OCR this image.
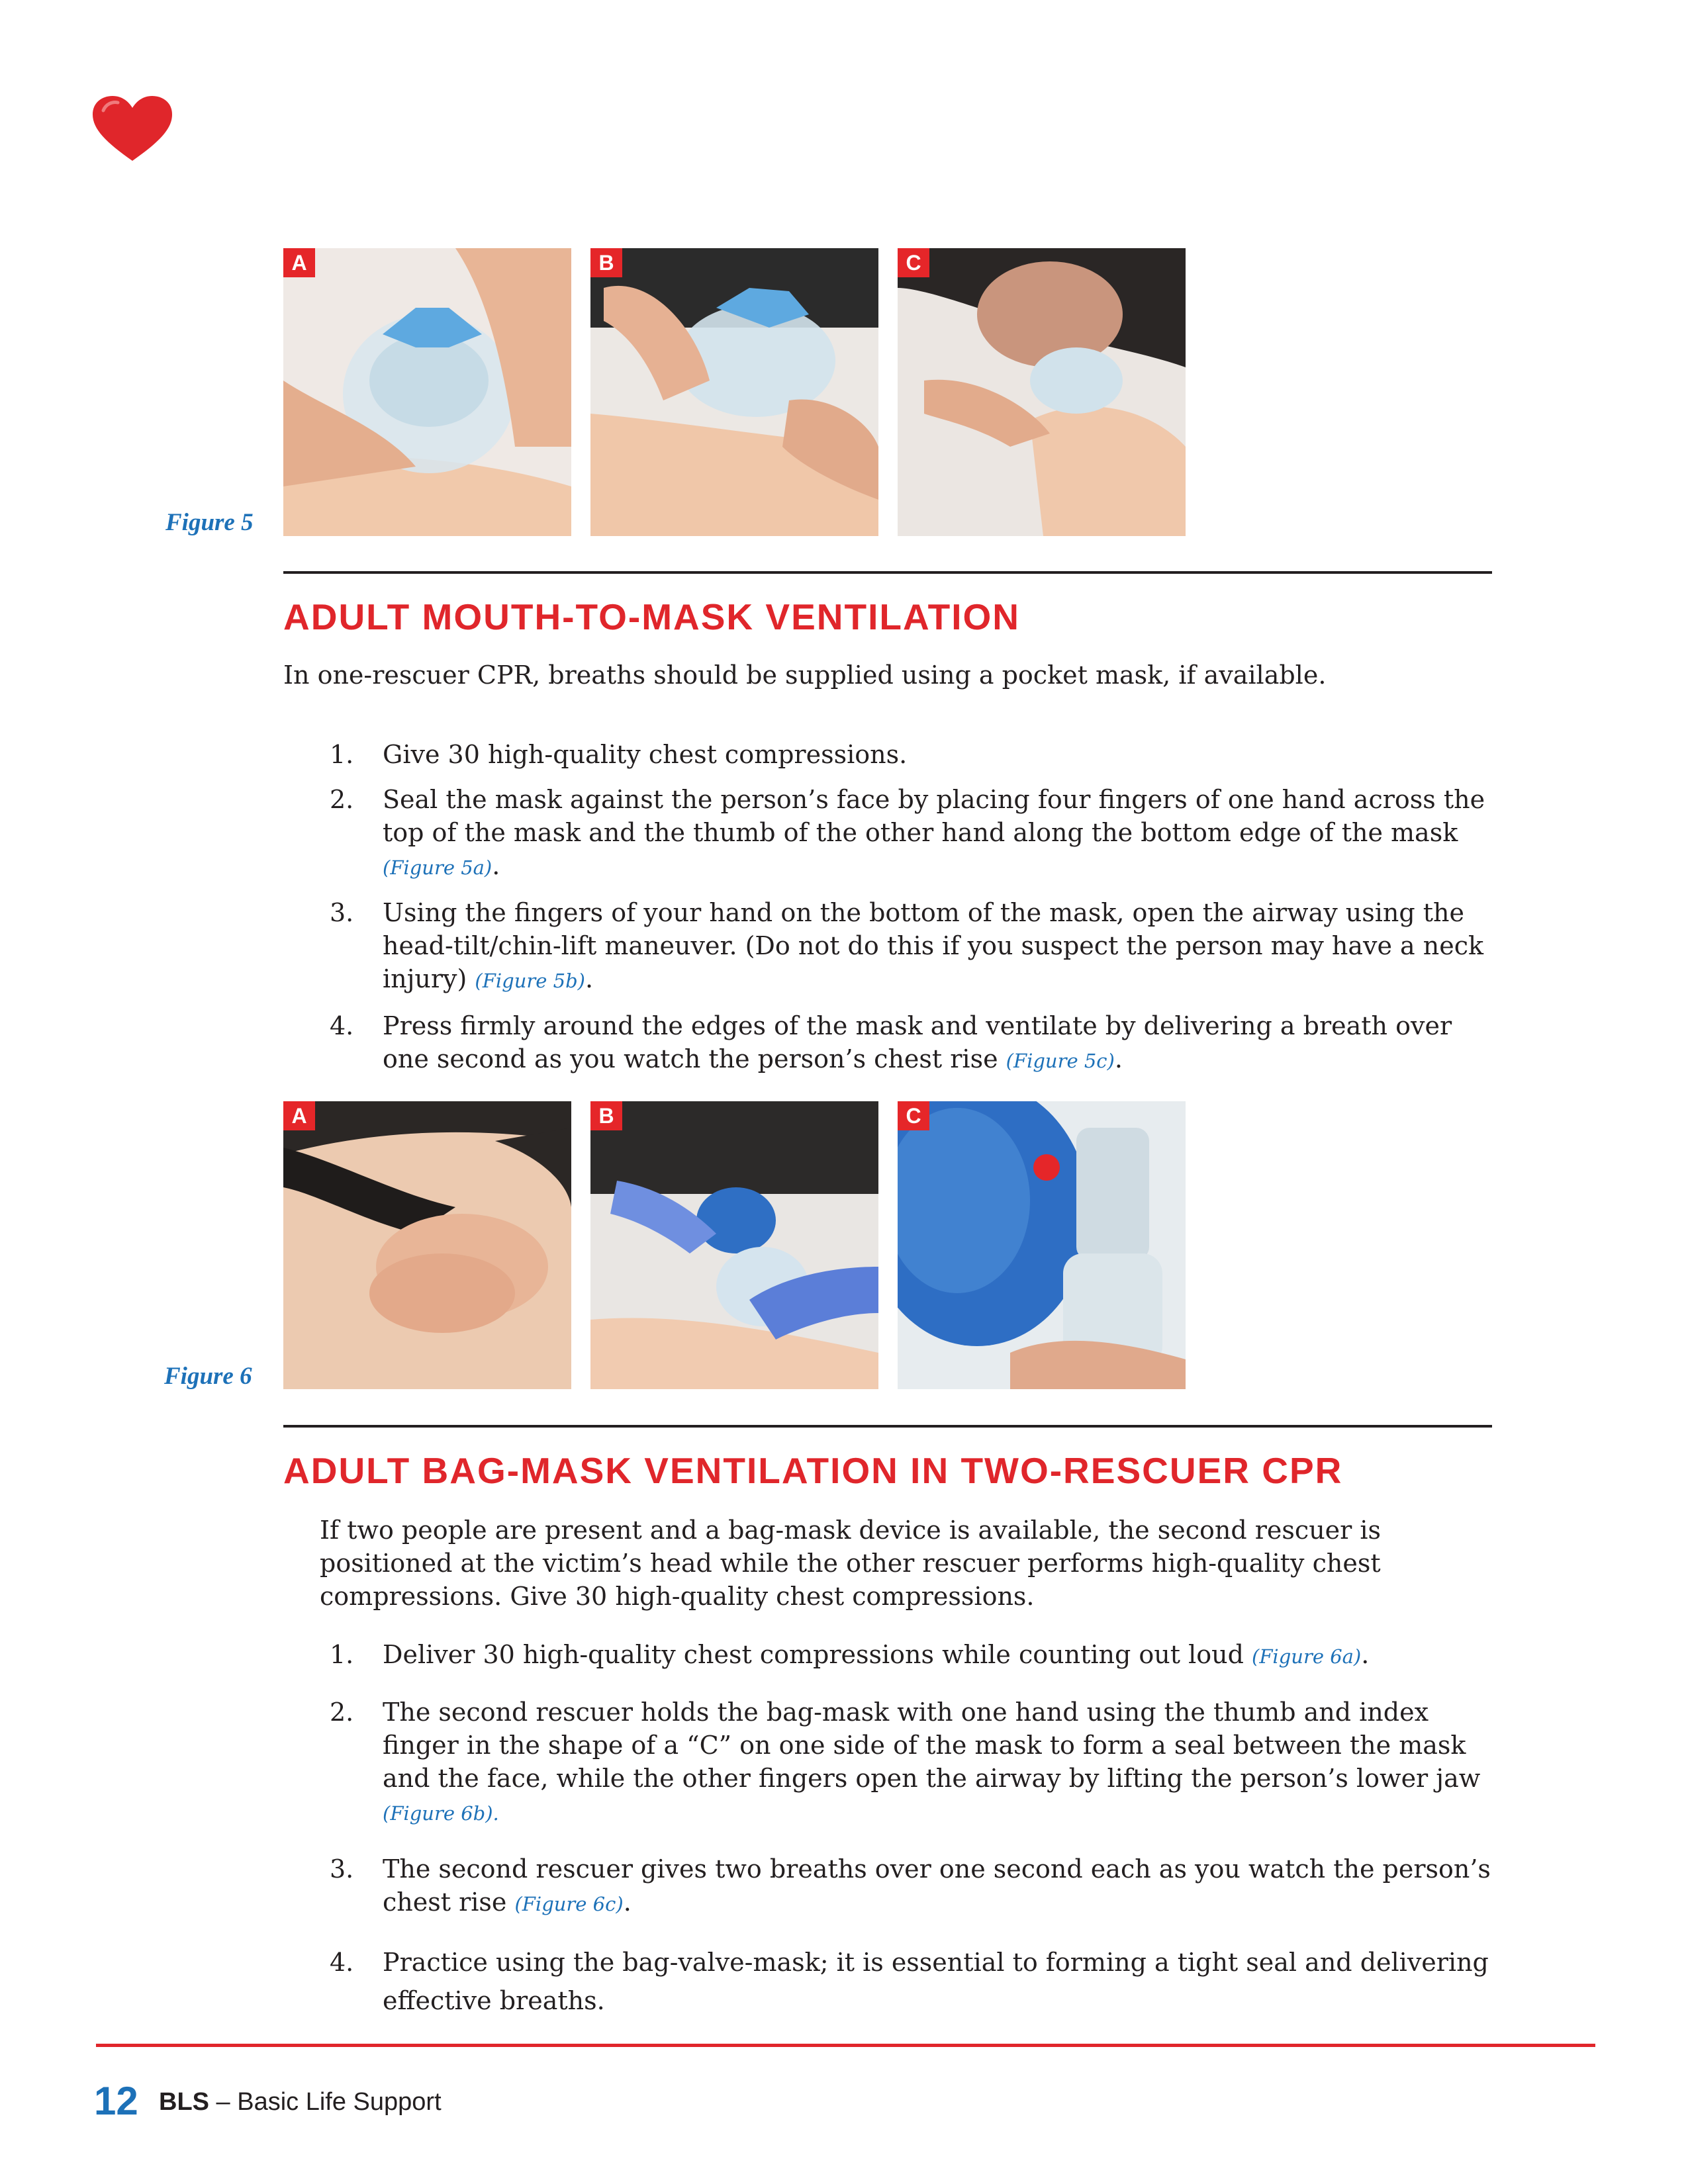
Figure 5
A	B	C
ADULT MOUTH-TO-MASK VENTILATION

In one-rescuer CPR, breaths should be supplied using a pocket mask, if available.

1. Give 30 high-quality chest compressions.
2. Seal the mask against the person’s face by placing four fingers of one hand across the top of the mask and the thumb of the other hand along the bottom edge of the mask (Figure 5a).
3. Using the fingers of your hand on the bottom of the mask, open the airway using the head-tilt/chin-lift maneuver. (Do not do this if you suspect the person may have a neck injury) (Figure 5b).
4. Press firmly around the edges of the mask and ventilate by delivering a breath over one second as you watch the person’s chest rise (Figure 5c).
Figure 6
A	B	C
ADULT BAG-MASK VENTILATION IN TWO-RESCUER CPR

If two people are present and a bag-mask device is available, the second rescuer is positioned at the victim’s head while the other rescuer performs high-quality chest compressions. Give 30 high-quality chest compressions.

1. Deliver 30 high-quality chest compressions while counting out loud (Figure 6a).
2. The second rescuer holds the bag-mask with one hand using the thumb and index finger in the shape of a “C” on one side of the mask to form a seal between the mask and the face, while the other fingers open the airway by lifting the person’s lower jaw (Figure 6b).
3. The second rescuer gives two breaths over one second each as you watch the person’s chest rise (Figure 6c).
4. Practice using the bag-valve-mask; it is essential to forming a tight seal and delivering effective breaths.
12 BLS – Basic Life Support
